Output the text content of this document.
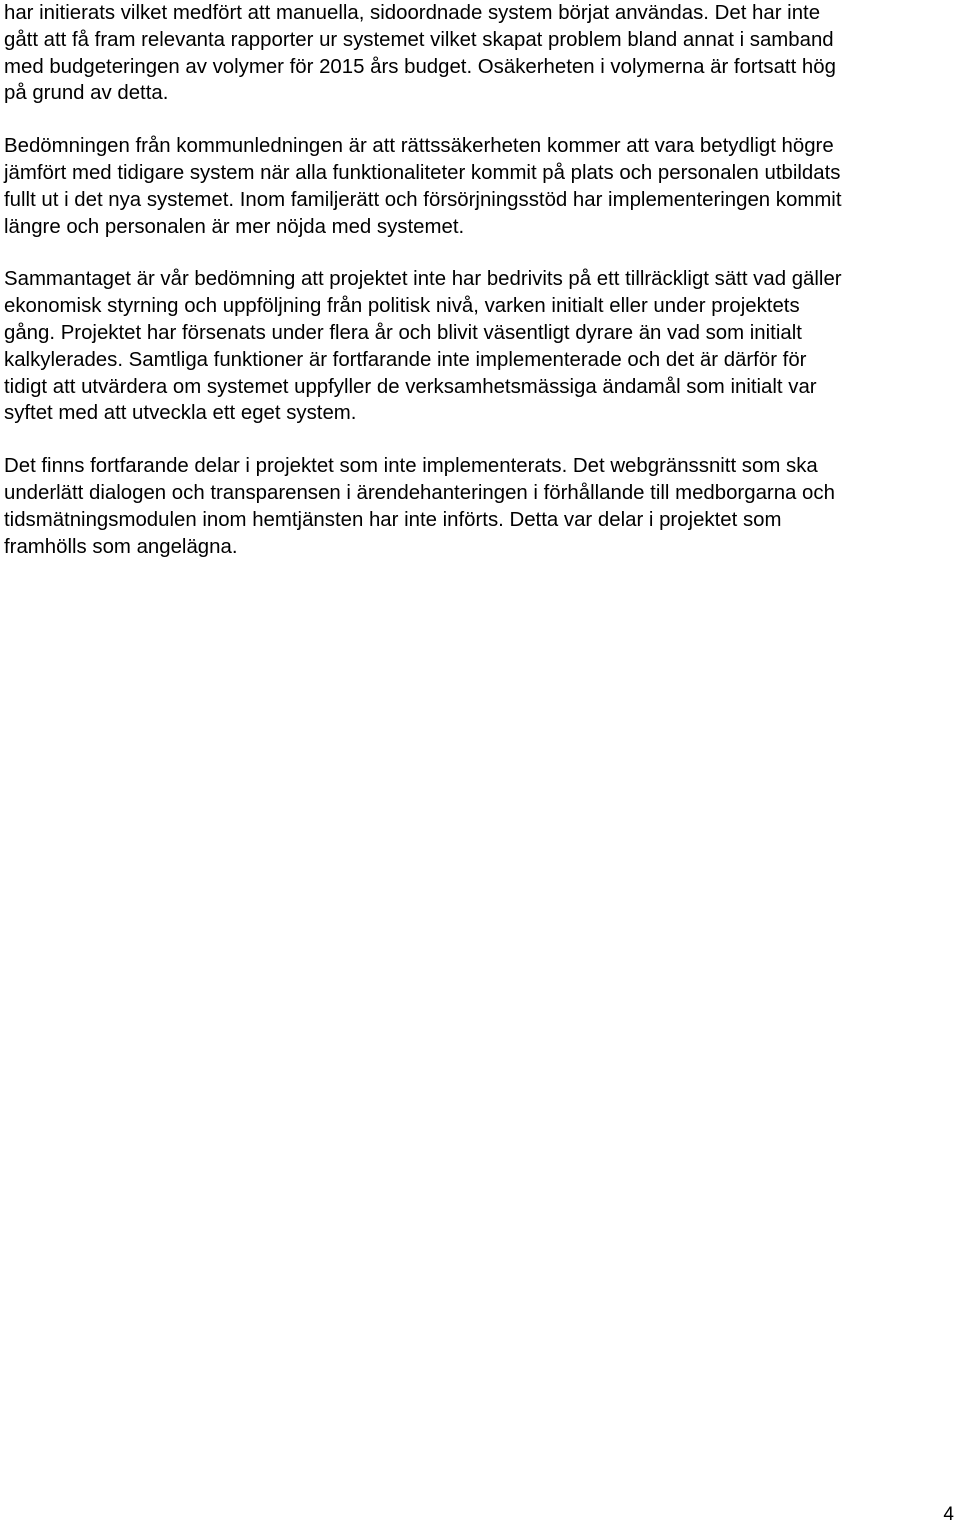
har initierats vilket medfört att manuella, sidoordnade system börjat användas. Det har inte
gått att få fram relevanta rapporter ur systemet vilket skapat problem bland annat i samband
med budgeteringen av volymer för 2015 års budget. Osäkerheten i volymerna är fortsatt hög
på grund av detta.

Bedömningen från kommunledningen är att rättssäkerheten kommer att vara betydligt högre
jämfört med tidigare system när alla funktionaliteter kommit på plats och personalen utbildats
fullt ut i det nya systemet. Inom familjerätt och försörjningsstöd har implementeringen kommit
längre och personalen är mer nöjda med systemet.

Sammantaget är vår bedömning att projektet inte har bedrivits på ett tillräckligt sätt vad gäller
ekonomisk styrning och uppföljning från politisk nivå, varken initialt eller under projektets
gång. Projektet har försenats under flera år och blivit väsentligt dyrare än vad som initialt
kalkylerades. Samtliga funktioner är fortfarande inte implementerade och det är därför för
tidigt att utvärdera om systemet uppfyller de verksamhetsmässiga ändamål som initialt var
syftet med att utveckla ett eget system.

Det finns fortfarande delar i projektet som inte implementerats. Det webgränssnitt som ska
underlätt dialogen och transparensen i ärendehanteringen i förhållande till medborgarna och
tidsmätningsmodulen inom hemtjänsten har inte införts. Detta var delar i projektet som
framhölls som angelägna.

4
